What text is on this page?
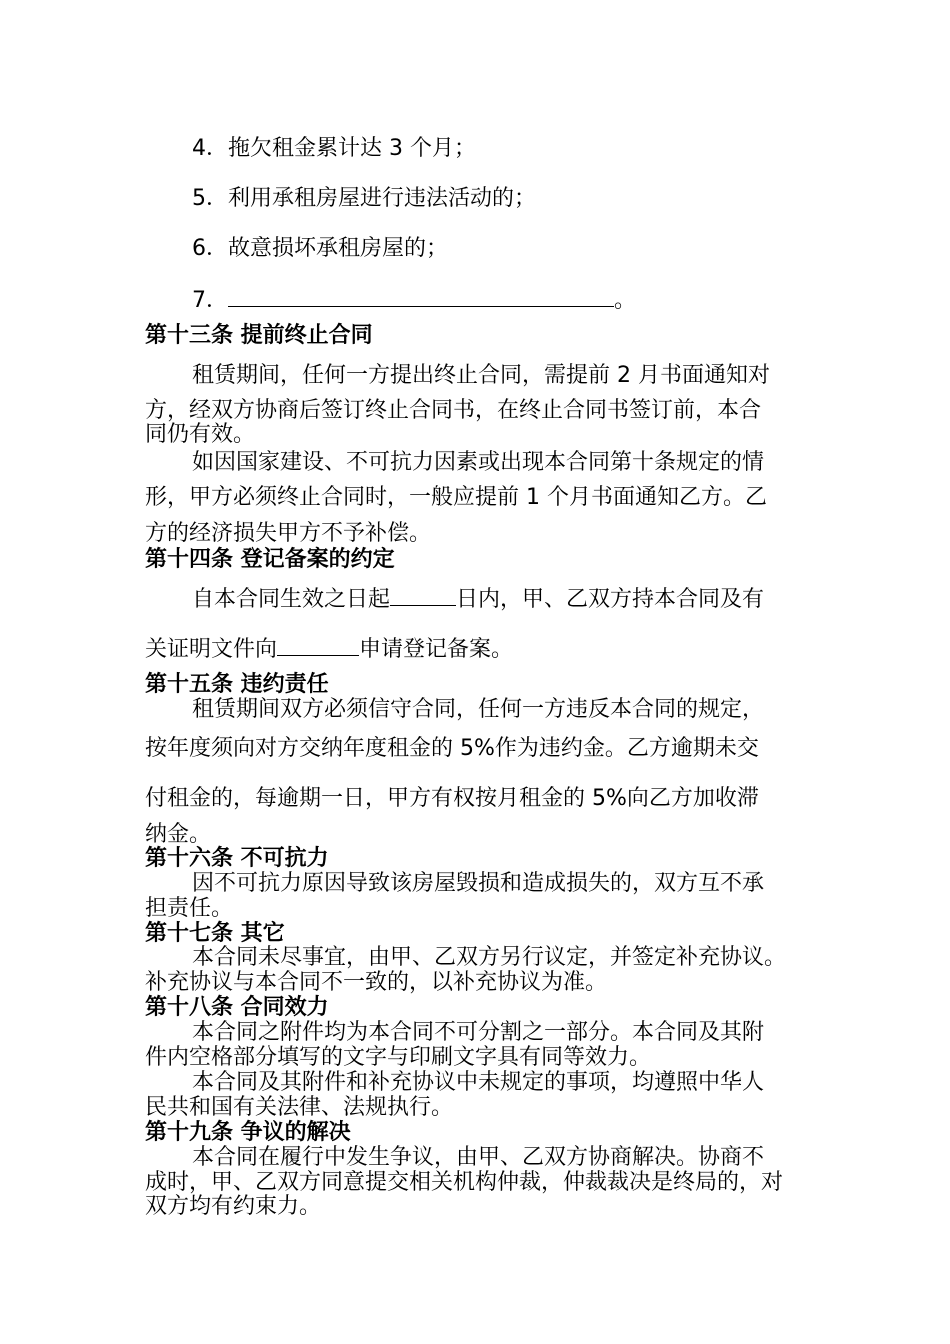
4．拖欠租金累计达 3 个月；
5．利用承租房屋进行违法活动的；
6．故意损坏承租房屋的；
7．	。
第十三条 提前终止合同
租赁期间，任何一方提出终止合同，需提前 2 月书面通知对
方，经双方协商后签订终止合同书，在终止合同书签订前，本合
同仍有效。
如因国家建设、不可抗力因素或出现本合同第十条规定的情
形，甲方必须终止合同时，一般应提前 1 个月书面通知乙方。乙
方的经济损失甲方不予补偿。
第十四条 登记备案的约定
自本合同生效之日起	日内，甲、乙双方持本合同及有
关证明文件向	申请登记备案。
第十五条 违约责任
租赁期间双方必须信守合同，任何一方违反本合同的规定，
按年度须向对方交纳年度租金的 5%作为违约金。乙方逾期未交
付租金的，每逾期一日，甲方有权按月租金的 5%向乙方加收滞
纳金。
第十六条 不可抗力
因不可抗力原因导致该房屋毁损和造成损失的，双方互不承
担责任。
第十七条 其它
本合同未尽事宜，由甲、乙双方另行议定，并签定补充协议。
补充协议与本合同不一致的，以补充协议为准。
第十八条 合同效力
本合同之附件均为本合同不可分割之一部分。本合同及其附
件内空格部分填写的文字与印刷文字具有同等效力。
本合同及其附件和补充协议中未规定的事项，均遵照中华人
民共和国有关法律、法规执行。
第十九条 争议的解决
本合同在履行中发生争议，由甲、乙双方协商解决。协商不
成时，甲、乙双方同意提交相关机构仲裁，仲裁裁决是终局的，对
双方均有约束力。
